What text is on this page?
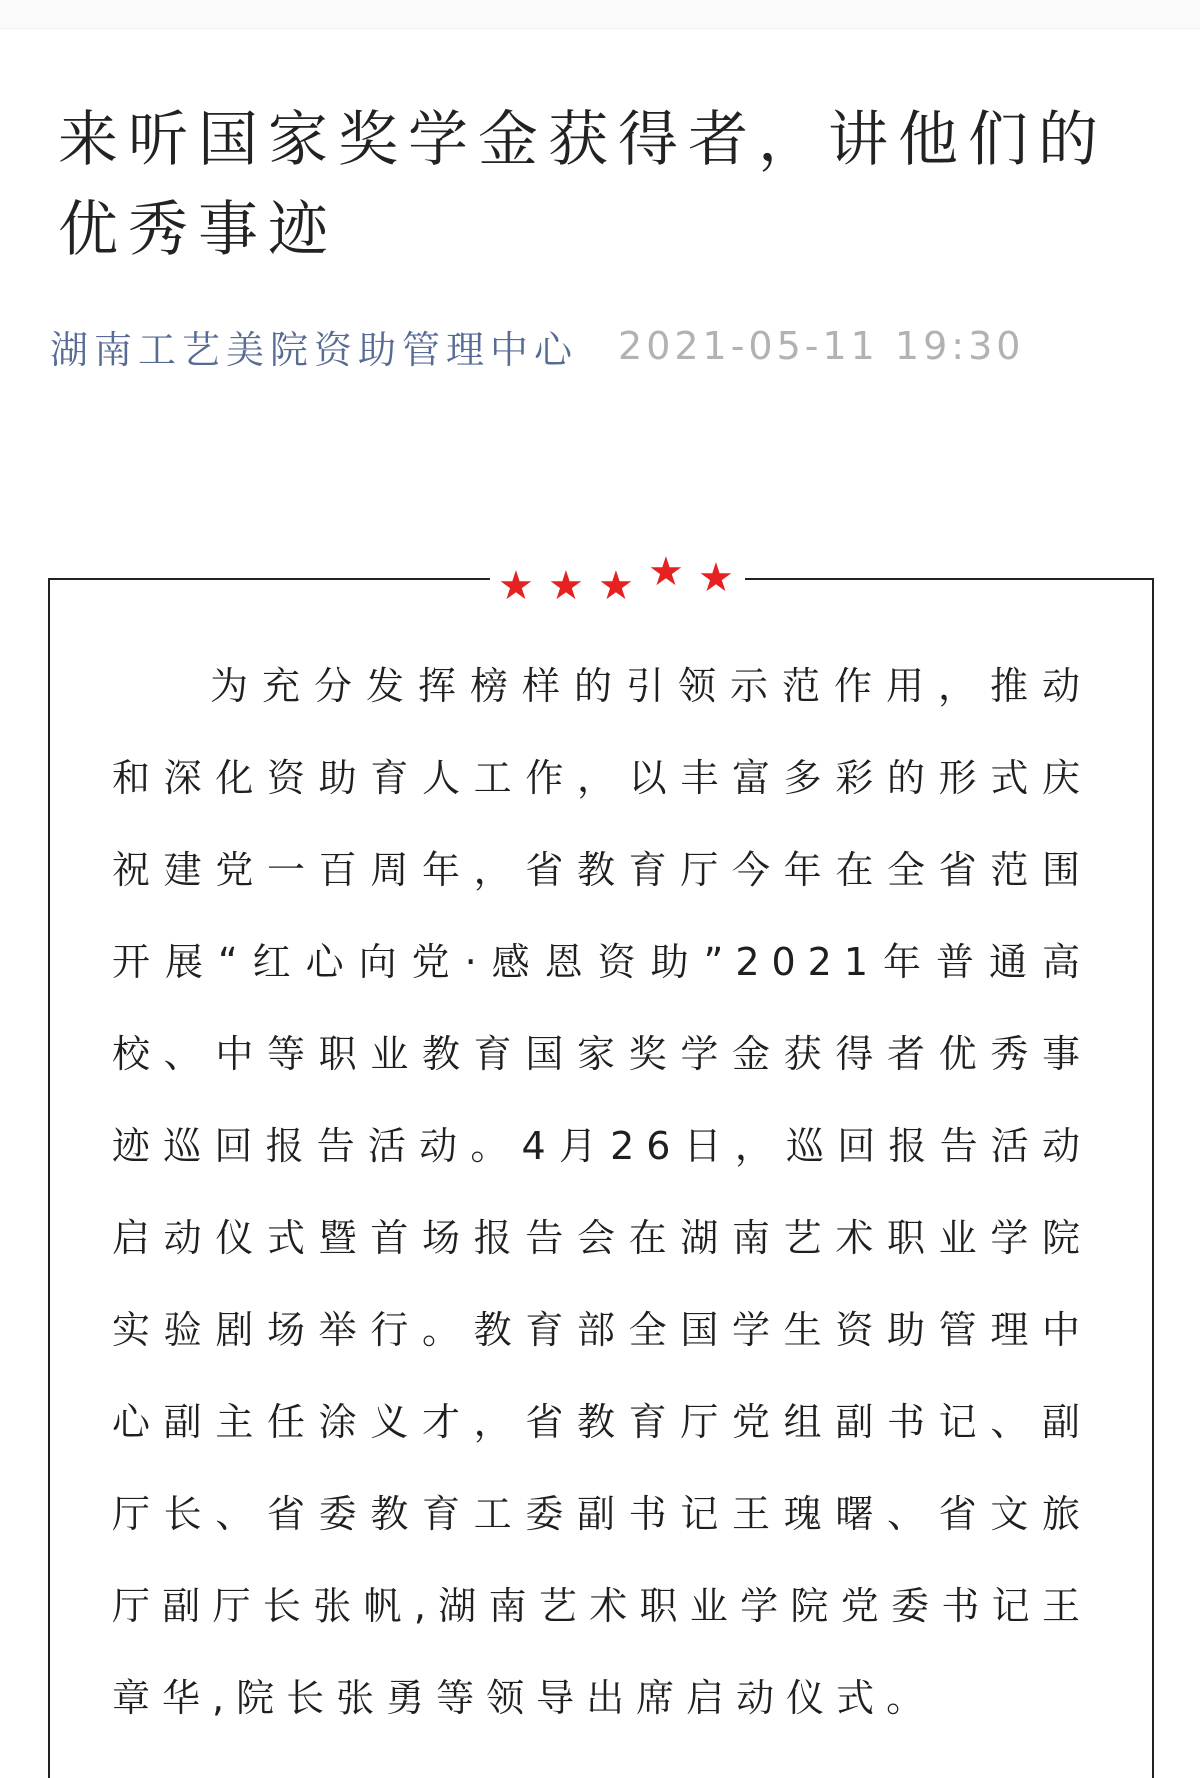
来听国家奖学金获得者，讲他们的优秀事迹
湖南工艺美院资助管理中心 2021-05-11 19:30
★ ★ ★ ★ ★

为充分发挥榜样的引领示范作用，推动和深化资助育人工作，以丰富多彩的形式庆祝建党一百周年，省教育厅今年在全省范围开展“红心向党·感恩资助”2021年普通高校、中等职业教育国家奖学金获得者优秀事迹巡回报告活动。4月26日，巡回报告活动启动仪式暨首场报告会在湖南艺术职业学院实验剧场举行。教育部全国学生资助管理中心副主任涂义才，省教育厅党组副书记、副厅长、省委教育工委副书记王瑰曙、省文旅厅副厅长张帆,湖南艺术职业学院党委书记王章华,院长张勇等领导出席启动仪式。
